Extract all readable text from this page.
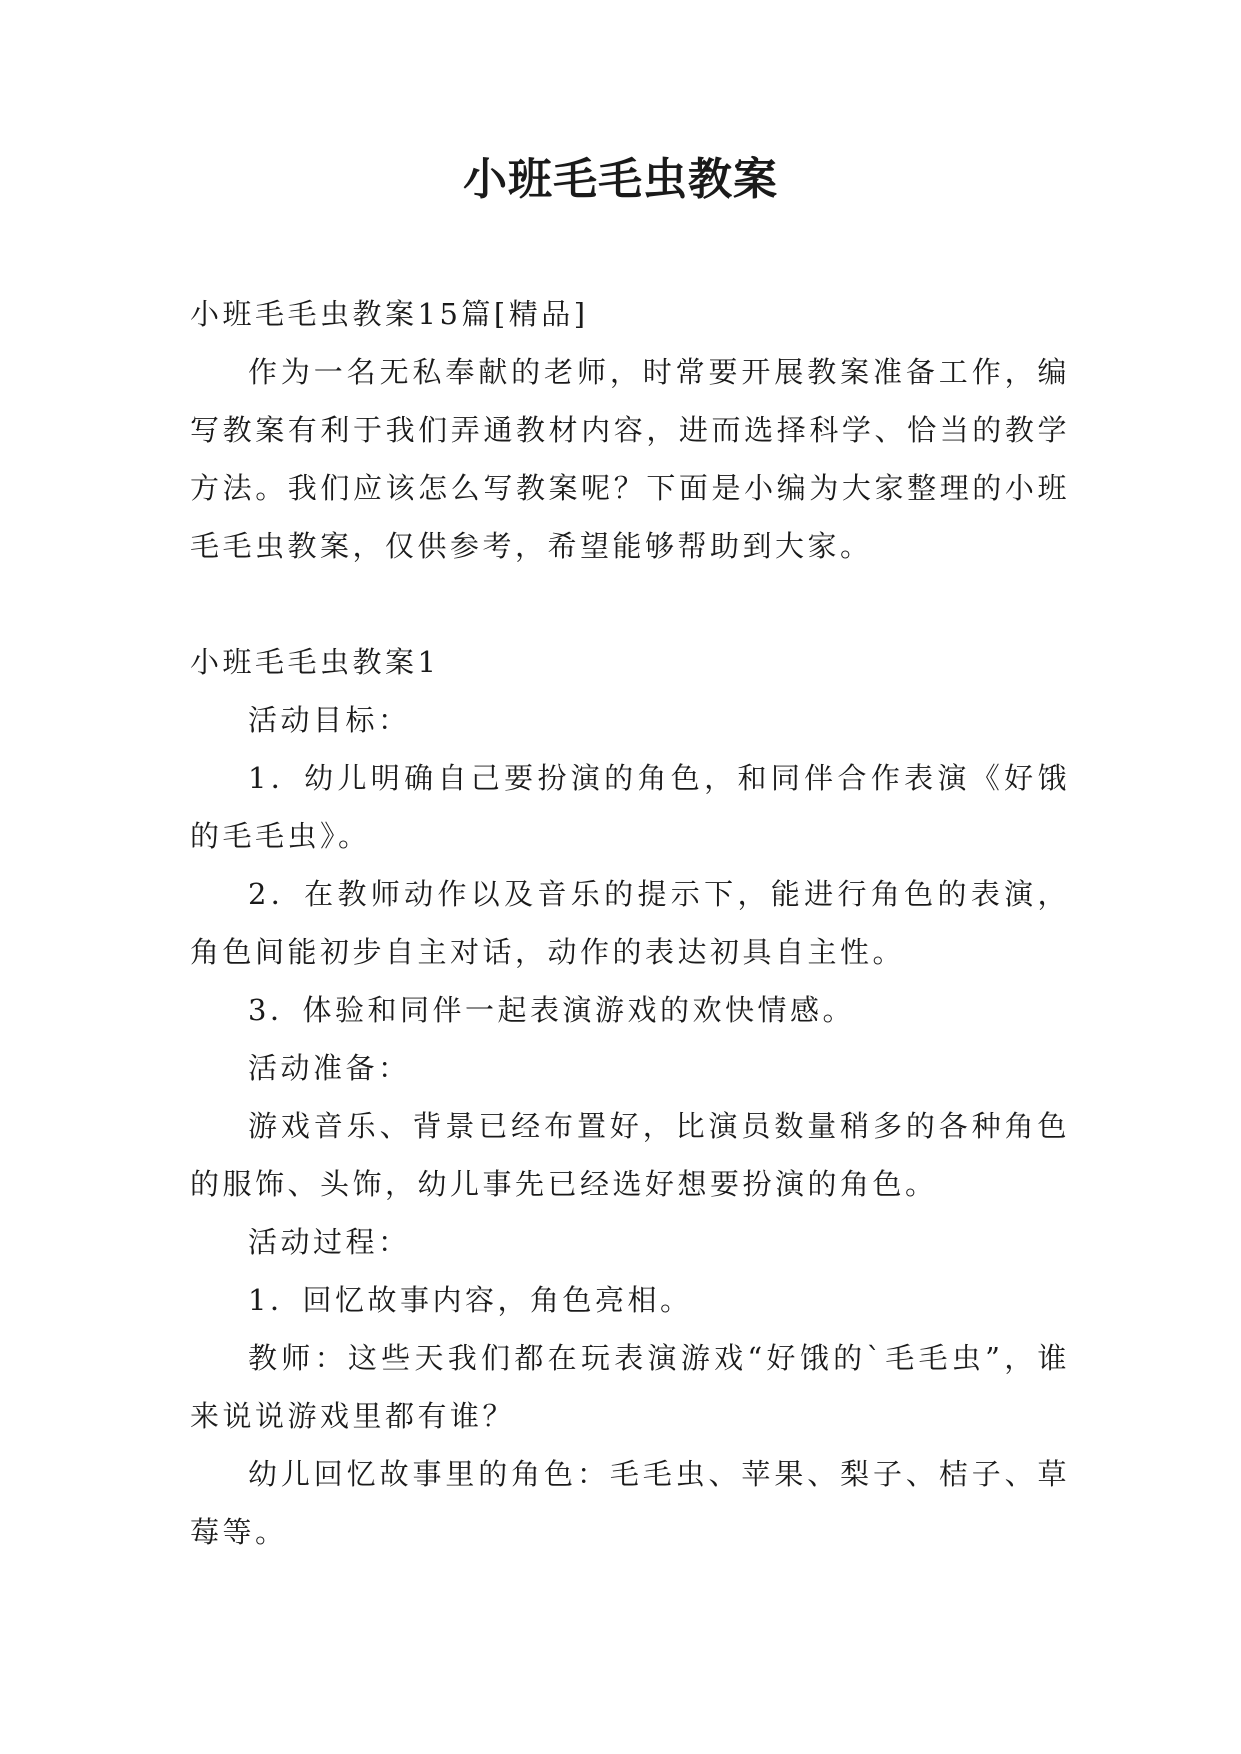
小班毛毛虫教案

小班毛毛虫教案15篇[精品]

作为一名无私奉献的老师，时常要开展教案准备工作，编写教案有利于我们弄通教材内容，进而选择科学、恰当的教学方法。我们应该怎么写教案呢？下面是小编为大家整理的小班毛毛虫教案，仅供参考，希望能够帮助到大家。

小班毛毛虫教案1

活动目标：

1．幼儿明确自己要扮演的角色，和同伴合作表演《好饿的毛毛虫》。

2．在教师动作以及音乐的提示下，能进行角色的表演，角色间能初步自主对话，动作的表达初具自主性。

3．体验和同伴一起表演游戏的欢快情感。

活动准备：

游戏音乐、背景已经布置好，比演员数量稍多的各种角色的服饰、头饰，幼儿事先已经选好想要扮演的角色。

活动过程：

1．回忆故事内容，角色亮相。

教师：这些天我们都在玩表演游戏“好饿的`毛毛虫”，谁来说说游戏里都有谁？

幼儿回忆故事里的角色：毛毛虫、苹果、梨子、桔子、草莓等。
